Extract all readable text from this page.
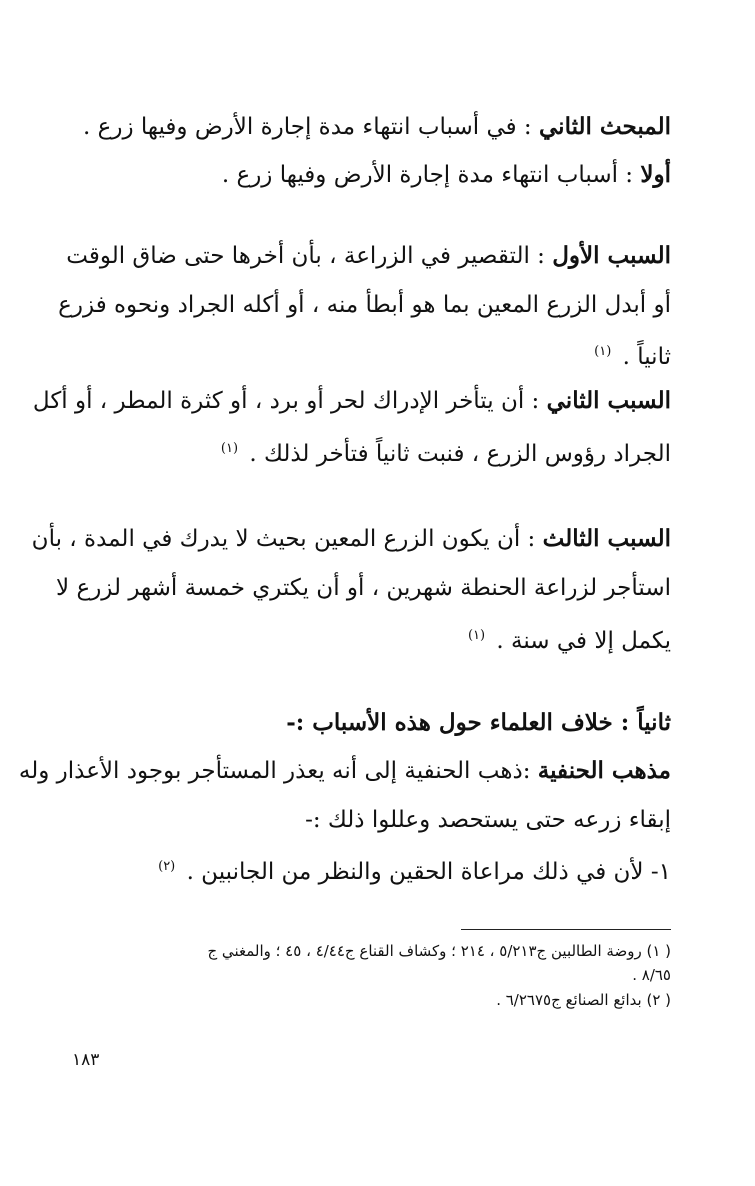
المبحث الثاني : في أسباب انتهاء مدة إجارة الأرض وفيها زرع .
أولا : أسباب انتهاء مدة إجارة الأرض وفيها زرع .
السبب الأول : التقصير في الزراعة ، بأن أخرها حتى ضاق الوقت
أو أبدل الزرع المعين بما هو أبطأ منه ، أو أكله الجراد ونحوه فزرع
ثانياً . $^{(١)}$
السبب الثاني : أن يتأخر الإدراك لحر أو برد ، أو كثرة المطر ، أو أكل
الجراد رؤوس الزرع ، فنبت ثانياً فتأخر لذلك . $^{(١)}$
السبب الثالث : أن يكون الزرع المعين بحيث لا يدرك في المدة ، بأن
استأجر لزراعة الحنطة شهرين ، أو أن يكتري خمسة أشهر لزرع لا
يكمل إلا في سنة . $^{(١)}$
ثانياً : خلاف العلماء حول هذه الأسباب :-
مذهب الحنفية :ذهب الحنفية إلى أنه يعذر المستأجر بوجود الأعذار وله
إبقاء زرعه حتى يستحصد وعللوا ذلك :-
١- لأن في ذلك مراعاة الحقين والنظر من الجانبين . $^{(٢)}$
( ١) روضة الطالبين ج٥/٢١٣ ، ٢١٤ ؛ وكشاف القناع ج٤/٤٤ ، ٤٥ ؛ والمغني ج
٨/٦٥ .
( ٢) بدائع الصنائع ج٦/٢٦٧٥ .
١٨٣
